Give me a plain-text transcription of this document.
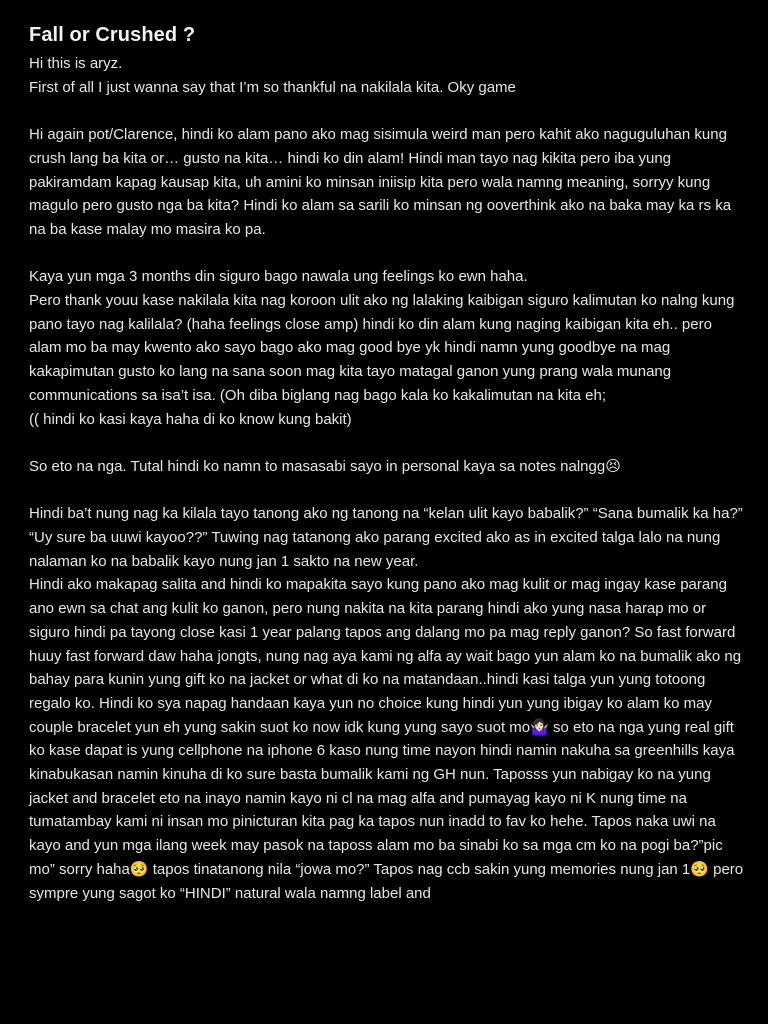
Fall or Crushed ?

Hi this is aryz.

First of all I just wanna say that I’m so thankful na nakilala kita. Oky game

Hi again pot/Clarence, hindi ko alam pano ako mag sisimula weird man pero kahit ako naguguluhan kung crush lang ba kita or… gusto na kita… hindi ko din alam! Hindi man tayo nag kikita pero iba yung pakiramdam kapag kausap kita, uh amini ko minsan iniisip kita pero wala namng meaning, sorryy kung magulo pero gusto nga ba kita? Hindi ko alam sa sarili ko minsan ng ooverthink ako na baka may ka rs ka na ba kase malay mo masira ko pa.

Kaya yun mga 3 months din siguro bago nawala ung feelings ko ewn haha.

Pero thank youu kase nakilala kita nag koroon ulit ako ng lalaking kaibigan siguro kalimutan ko nalng kung pano tayo nag kalilala? (haha feelings close amp) hindi ko din alam kung naging kaibigan kita eh.. pero alam mo ba may kwento ako sayo bago ako mag good bye yk hindi namn yung goodbye na mag kakapimutan gusto ko lang na sana soon mag kita tayo matagal ganon yung prang wala munang communications sa isa’t isa. (Oh diba biglang nag bago kala ko kakalimutan na kita eh;

(( hindi ko kasi kaya haha di ko know kung bakit)

So eto na nga. Tutal hindi ko namn to masasabi sayo in personal kaya sa notes nalngg😣

Hindi ba’t nung nag ka kilala tayo tanong ako ng tanong na “kelan ulit kayo babalik?” “Sana bumalik ka ha?” “Uy sure ba uuwi kayoo??” Tuwing nag tatanong ako parang excited ako as in excited talga lalo na nung nalaman ko na babalik kayo nung jan 1 sakto na new year.

Hindi ako makapag salita and hindi ko mapakita sayo kung pano ako mag kulit or mag ingay kase parang ano ewn sa chat ang kulit ko ganon, pero nung nakita na kita parang hindi ako yung nasa harap mo or siguro hindi pa tayong close kasi 1 year palang tapos ang dalang mo pa mag reply ganon? So fast forward huuy fast forward daw haha jongts, nung nag aya kami ng alfa ay wait bago yun alam ko na bumalik ako ng bahay para kunin yung gift ko na jacket or what di ko na matandaan..hindi kasi talga yun yung totoong regalo ko. Hindi ko sya napag handaan kaya yun no choice kung hindi yun yung ibigay ko alam ko may couple bracelet yun eh yung sakin suot ko now idk kung yung sayo suot mo🤷🏻‍♀️ so eto na nga yung real gift ko kase dapat is yung cellphone na iphone 6 kaso nung time nayon hindi namin nakuha sa greenhills kaya kinabukasan namin kinuha di ko sure basta bumalik kami ng GH nun. Taposss yun nabigay ko na yung jacket and bracelet eto na inayo namin kayo ni cl na mag alfa and pumayag kayo ni K nung time na tumatambay kami ni insan mo pinicturan kita pag ka tapos nun inadd to fav ko hehe. Tapos naka uwi na kayo and yun mga ilang week may pasok na taposs alam mo ba sinabi ko sa mga cm ko na pogi ba?”pic mo” sorry haha🥺 tapos tinatanong nila “jowa mo?” Tapos nag ccb sakin yung memories nung jan 1🥺 pero sympre yung sagot ko “HINDI” natural wala namng label and
